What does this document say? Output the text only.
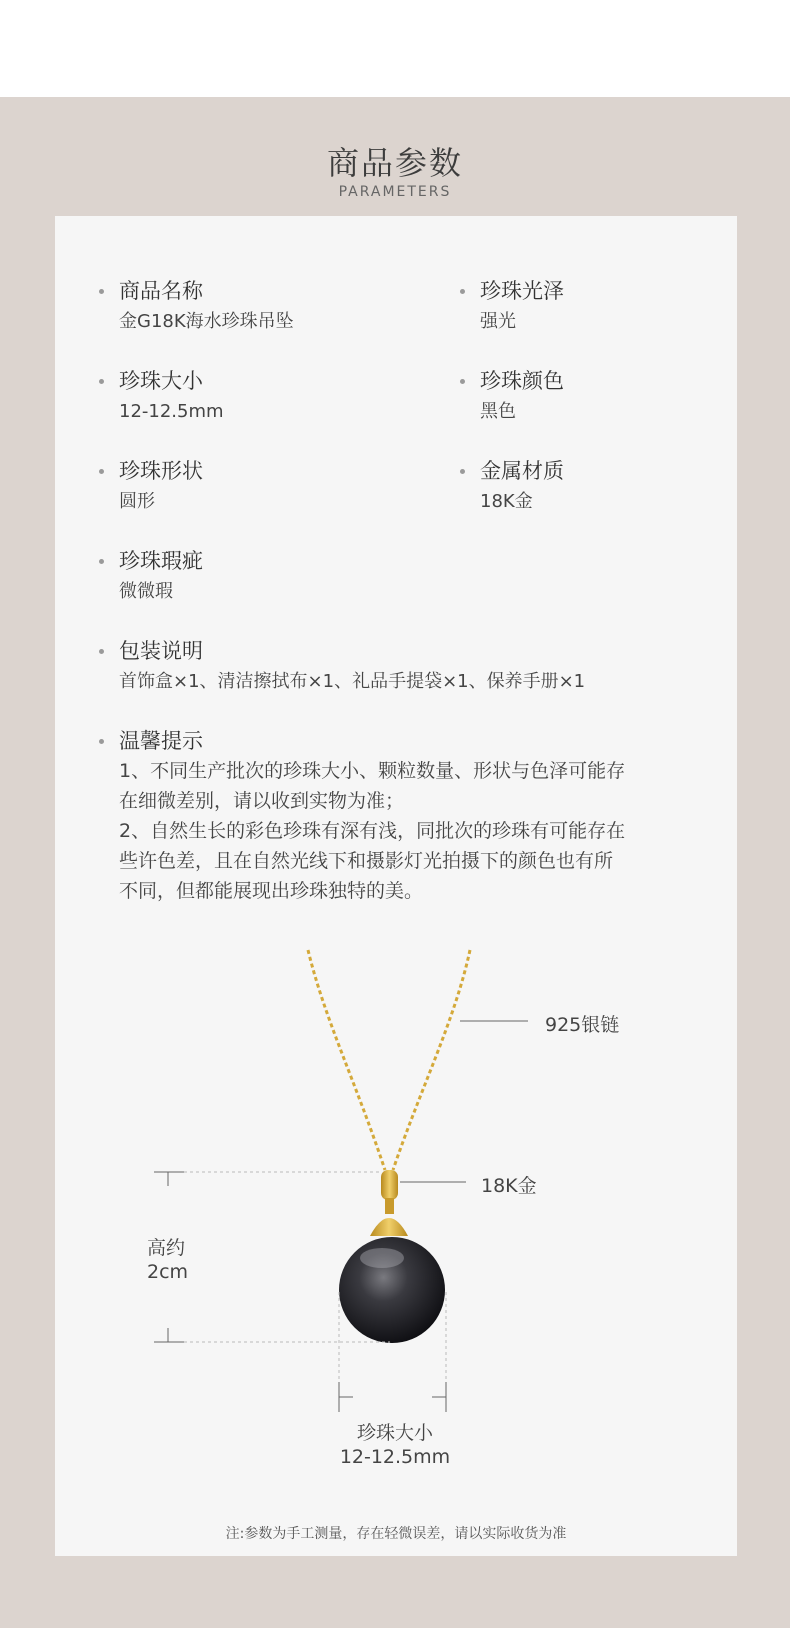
商品参数
PARAMETERS
商品名称
金G18K海水珍珠吊坠
珍珠光泽
强光
珍珠大小
12-12.5mm
珍珠颜色
黑色
珍珠形状
圆形
金属材质
18K金
珍珠瑕疵
微微瑕
包装说明
首饰盒×1、清洁擦拭布×1、礼品手提袋×1、保养手册×1
温馨提示
1、不同生产批次的珍珠大小、颗粒数量、形状与色泽可能存
在细微差别，请以收到实物为准；
2、自然生长的彩色珍珠有深有浅，同批次的珍珠有可能存在
些许色差，且在自然光线下和摄影灯光拍摄下的颜色也有所
不同，但都能展现出珍珠独特的美。
925银链
18K金
高约
2cm
珍珠大小
12-12.5mm
注:参数为手工测量，存在轻微误差，请以实际收货为准
